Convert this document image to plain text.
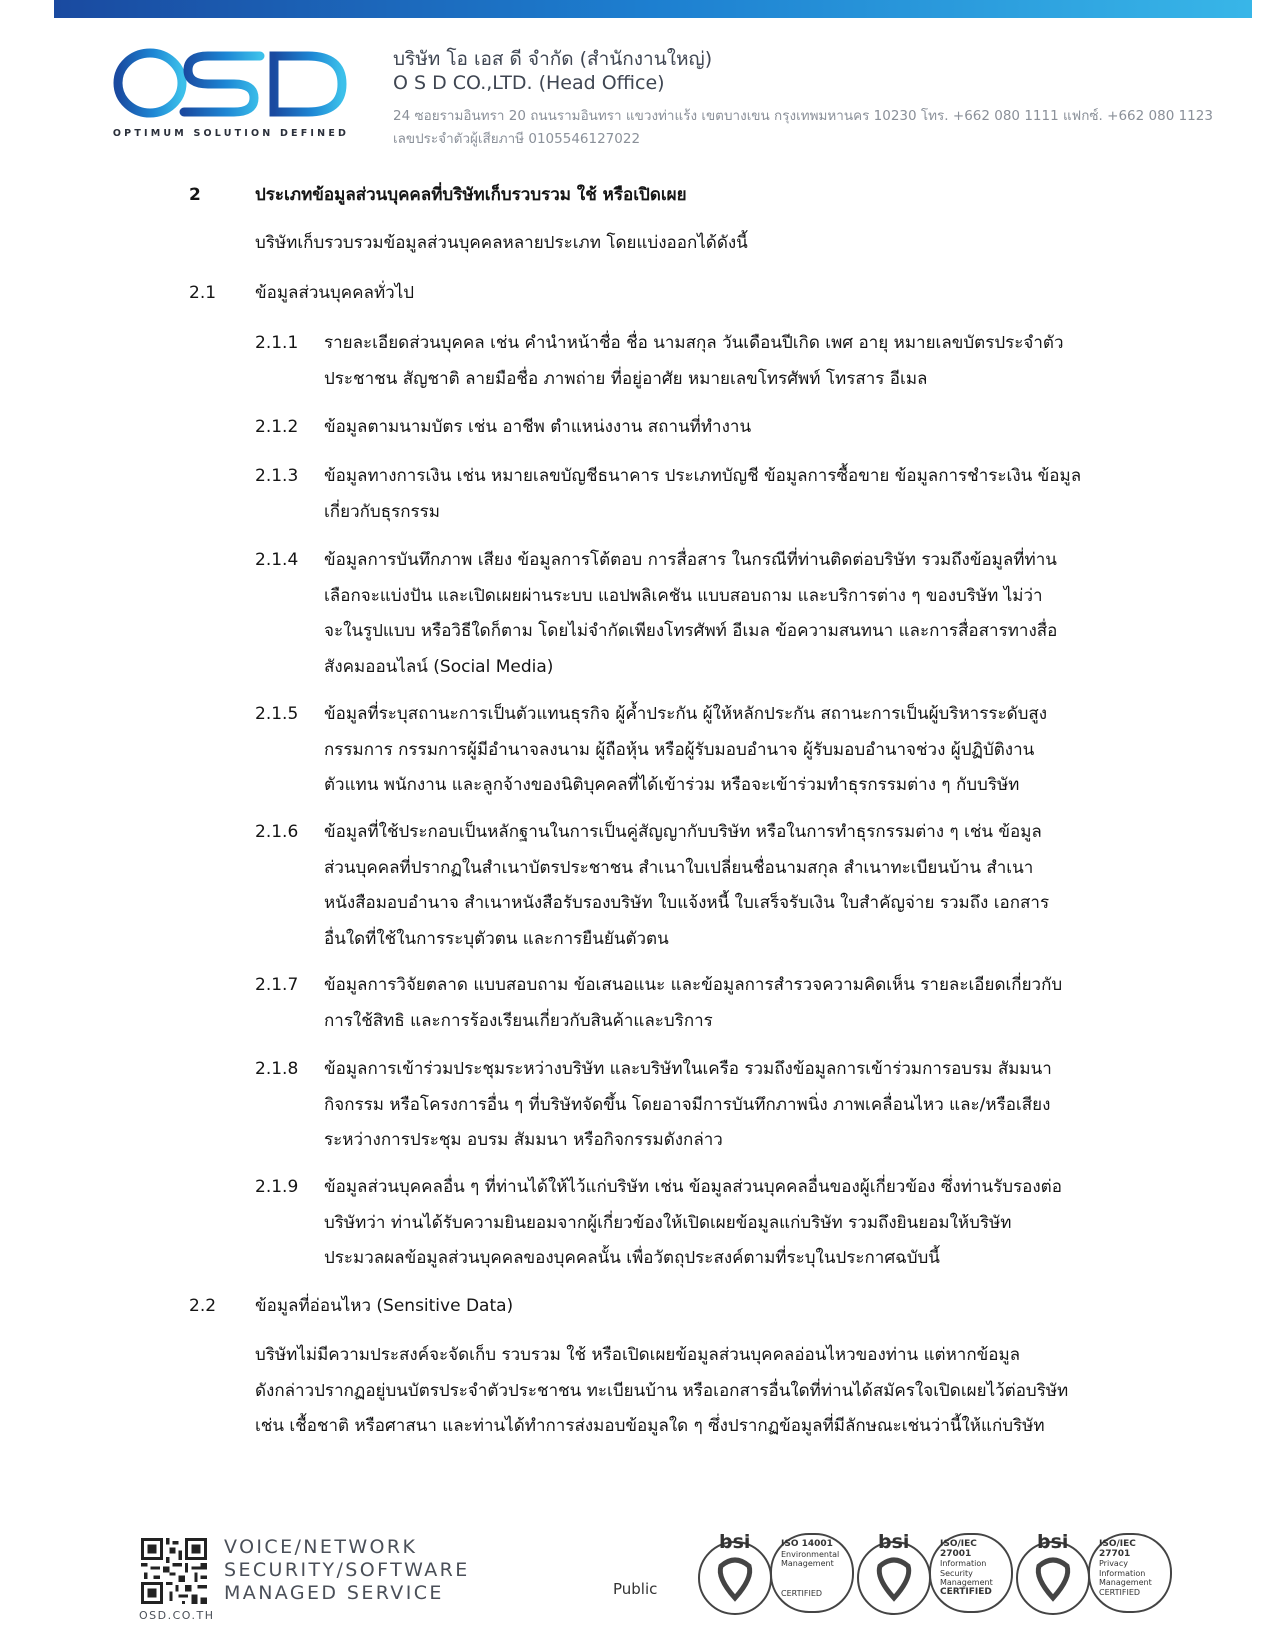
OPTIMUM SOLUTION DEFINED
บริษัท โอ เอส ดี จำกัด (สำนักงานใหญ่)
O S D CO.,LTD. (Head Office)
24 ซอยรามอินทรา 20 ถนนรามอินทรา แขวงท่าแร้ง เขตบางเขน กรุงเทพมหานคร 10230 โทร. +662 080 1111 แฟกซ์. +662 080 1123
เลขประจำตัวผู้เสียภาษี 0105546127022
2	ประเภทข้อมูลส่วนบุคคลที่บริษัทเก็บรวบรวม ใช้ หรือเปิดเผย
บริษัทเก็บรวบรวมข้อมูลส่วนบุคคลหลายประเภท โดยแบ่งออกได้ดังนี้
2.1 ข้อมูลส่วนบุคคลทั่วไป
2.1.1 รายละเอียดส่วนบุคคล เช่น คำนำหน้าชื่อ ชื่อ นามสกุล วันเดือนปีเกิด เพศ อายุ หมายเลขบัตรประจำตัว
ประชาชน สัญชาติ ลายมือชื่อ ภาพถ่าย ที่อยู่อาศัย หมายเลขโทรศัพท์ โทรสาร อีเมล
2.1.2 ข้อมูลตามนามบัตร เช่น อาชีพ ตำแหน่งงาน สถานที่ทำงาน
2.1.3 ข้อมูลทางการเงิน เช่น หมายเลขบัญชีธนาคาร ประเภทบัญชี ข้อมูลการซื้อขาย ข้อมูลการชำระเงิน ข้อมูล
เกี่ยวกับธุรกรรม
2.1.4 ข้อมูลการบันทึกภาพ เสียง ข้อมูลการโต้ตอบ การสื่อสาร ในกรณีที่ท่านติดต่อบริษัท รวมถึงข้อมูลที่ท่าน
เลือกจะแบ่งปัน และเปิดเผยผ่านระบบ แอปพลิเคชัน แบบสอบถาม และบริการต่าง ๆ ของบริษัท ไม่ว่า
จะในรูปแบบ หรือวิธีใดก็ตาม โดยไม่จำกัดเพียงโทรศัพท์ อีเมล ข้อความสนทนา และการสื่อสารทางสื่อ
สังคมออนไลน์ (Social Media)
2.1.5 ข้อมูลที่ระบุสถานะการเป็นตัวแทนธุรกิจ ผู้ค้ำประกัน ผู้ให้หลักประกัน สถานะการเป็นผู้บริหารระดับสูง
กรรมการ กรรมการผู้มีอำนาจลงนาม ผู้ถือหุ้น หรือผู้รับมอบอำนาจ ผู้รับมอบอำนาจช่วง ผู้ปฏิบัติงาน
ตัวแทน พนักงาน และลูกจ้างของนิติบุคคลที่ได้เข้าร่วม หรือจะเข้าร่วมทำธุรกรรมต่าง ๆ กับบริษัท
2.1.6 ข้อมูลที่ใช้ประกอบเป็นหลักฐานในการเป็นคู่สัญญากับบริษัท หรือในการทำธุรกรรมต่าง ๆ เช่น ข้อมูล
ส่วนบุคคลที่ปรากฏในสำเนาบัตรประชาชน สำเนาใบเปลี่ยนชื่อนามสกุล สำเนาทะเบียนบ้าน สำเนา
หนังสือมอบอำนาจ สำเนาหนังสือรับรองบริษัท ใบแจ้งหนี้ ใบเสร็จรับเงิน ใบสำคัญจ่าย รวมถึง เอกสาร
อื่นใดที่ใช้ในการระบุตัวตน และการยืนยันตัวตน
2.1.7 ข้อมูลการวิจัยตลาด แบบสอบถาม ข้อเสนอแนะ และข้อมูลการสำรวจความคิดเห็น รายละเอียดเกี่ยวกับ
การใช้สิทธิ และการร้องเรียนเกี่ยวกับสินค้าและบริการ
2.1.8 ข้อมูลการเข้าร่วมประชุมระหว่างบริษัท และบริษัทในเครือ รวมถึงข้อมูลการเข้าร่วมการอบรม สัมมนา
กิจกรรม หรือโครงการอื่น ๆ ที่บริษัทจัดขึ้น โดยอาจมีการบันทึกภาพนิ่ง ภาพเคลื่อนไหว และ/หรือเสียง
ระหว่างการประชุม อบรม สัมมนา หรือกิจกรรมดังกล่าว
2.1.9 ข้อมูลส่วนบุคคลอื่น ๆ ที่ท่านได้ให้ไว้แก่บริษัท เช่น ข้อมูลส่วนบุคคลอื่นของผู้เกี่ยวข้อง ซึ่งท่านรับรองต่อ
บริษัทว่า ท่านได้รับความยินยอมจากผู้เกี่ยวข้องให้เปิดเผยข้อมูลแก่บริษัท รวมถึงยินยอมให้บริษัท
ประมวลผลข้อมูลส่วนบุคคลของบุคคลนั้น เพื่อวัตถุประสงค์ตามที่ระบุในประกาศฉบับนี้
2.2 ข้อมูลที่อ่อนไหว (Sensitive Data)
บริษัทไม่มีความประสงค์จะจัดเก็บ รวบรวม ใช้ หรือเปิดเผยข้อมูลส่วนบุคคลอ่อนไหวของท่าน แต่หากข้อมูล
ดังกล่าวปรากฏอยู่บนบัตรประจำตัวประชาชน ทะเบียนบ้าน หรือเอกสารอื่นใดที่ท่านได้สมัครใจเปิดเผยไว้ต่อบริษัท
เช่น เชื้อชาติ หรือศาสนา และท่านได้ทำการส่งมอบข้อมูลใด ๆ ซึ่งปรากฏข้อมูลที่มีลักษณะเช่นว่านี้ให้แก่บริษัท
OSD.CO.TH
VOICE/NETWORK
SECURITY/SOFTWARE
MANAGED SERVICE	Public
bsi	ISO 14001
Environmental
Management
CERTIFIED
bsi	ISO/IEC 27001
Information Security
Management
CERTIFIED
bsi	ISO/IEC 27701
Privacy
Information
Management
CERTIFIED
